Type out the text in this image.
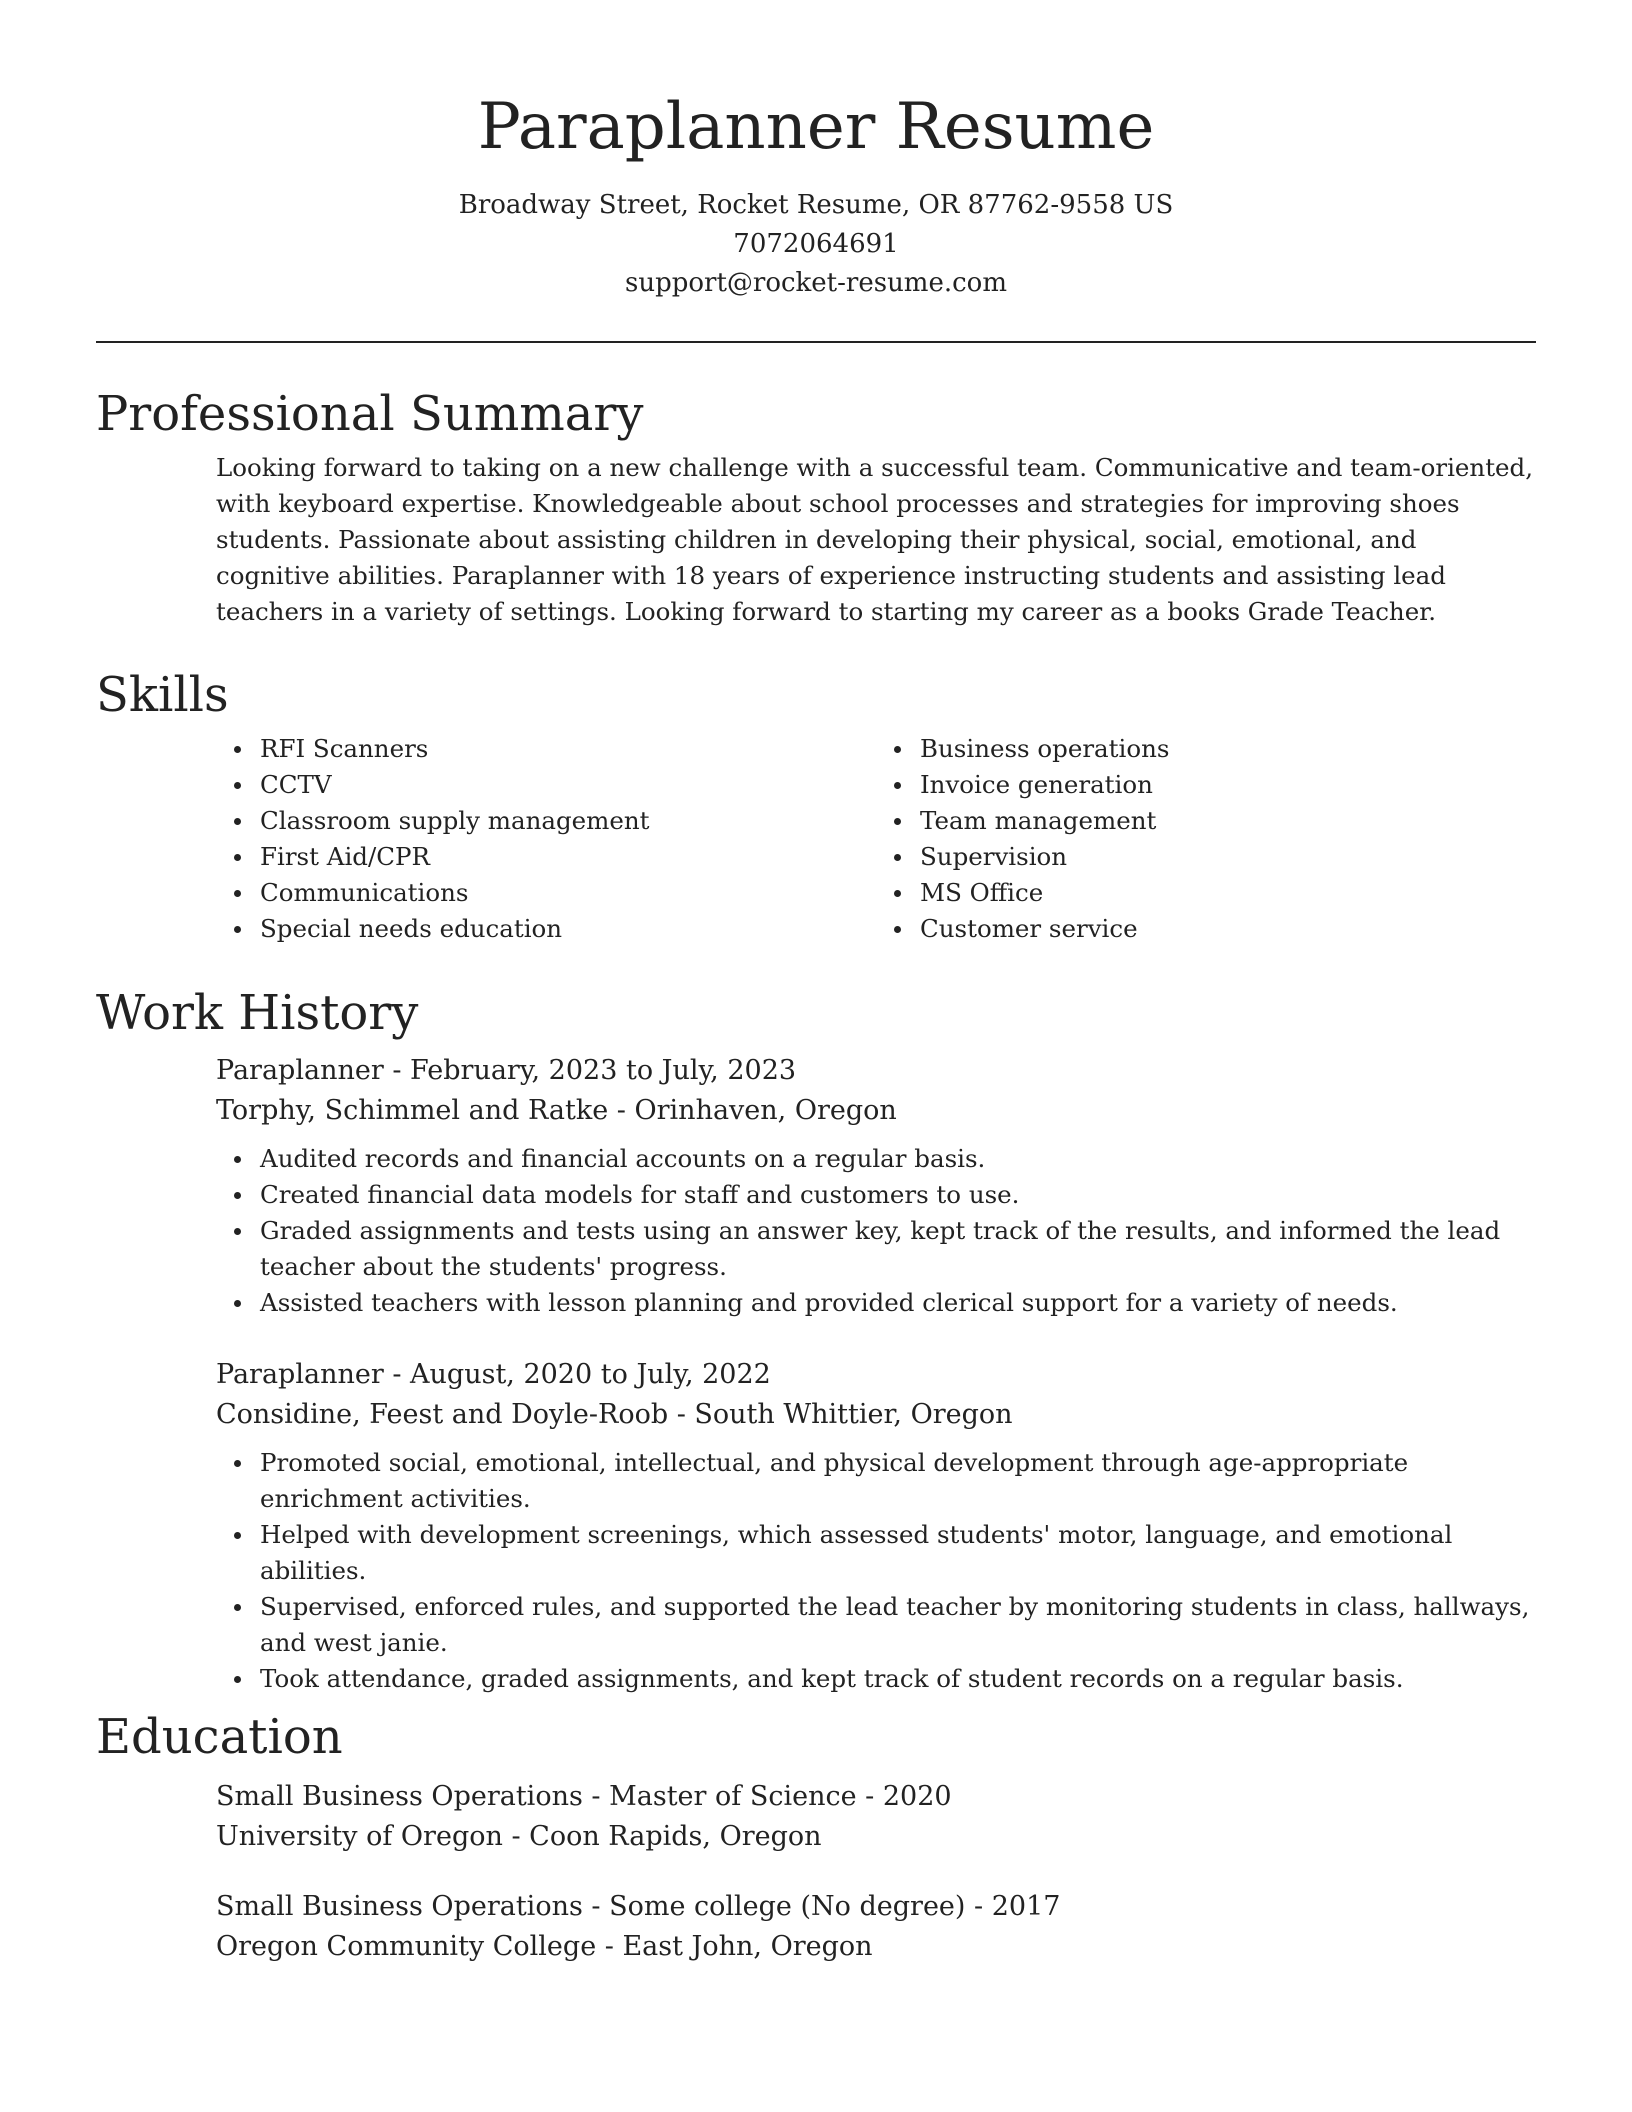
Paraplanner Resume
Broadway Street, Rocket Resume, OR 87762-9558 US
7072064691
support@rocket-resume.com
Professional Summary

Looking forward to taking on a new challenge with a successful team. Communicative and team-oriented, with keyboard expertise. Knowledgeable about school processes and strategies for improving shoes students. Passionate about assisting children in developing their physical, social, emotional, and cognitive abilities. Paraplanner with 18 years of experience instructing students and assisting lead teachers in a variety of settings. Looking forward to starting my career as a books Grade Teacher.

Skills
RFI Scanners
CCTV
Classroom supply management
First Aid/CPR
Communications
Special needs education
Business operations
Invoice generation
Team management
Supervision
MS Office
Customer service
Work History
Paraplanner - February, 2023 to July, 2023
Torphy, Schimmel and Ratke - Orinhaven, Oregon
Audited records and financial accounts on a regular basis.
Created financial data models for staff and customers to use.
Graded assignments and tests using an answer key, kept track of the results, and informed the lead teacher about the students' progress.
Assisted teachers with lesson planning and provided clerical support for a variety of needs.
Paraplanner - August, 2020 to July, 2022
Considine, Feest and Doyle-Roob - South Whittier, Oregon
Promoted social, emotional, intellectual, and physical development through age-appropriate enrichment activities.
Helped with development screenings, which assessed students' motor, language, and emotional abilities.
Supervised, enforced rules, and supported the lead teacher by monitoring students in class, hallways, and west janie.
Took attendance, graded assignments, and kept track of student records on a regular basis.
Education
Small Business Operations - Master of Science - 2020
University of Oregon - Coon Rapids, Oregon
Small Business Operations - Some college (No degree) - 2017
Oregon Community College - East John, Oregon
